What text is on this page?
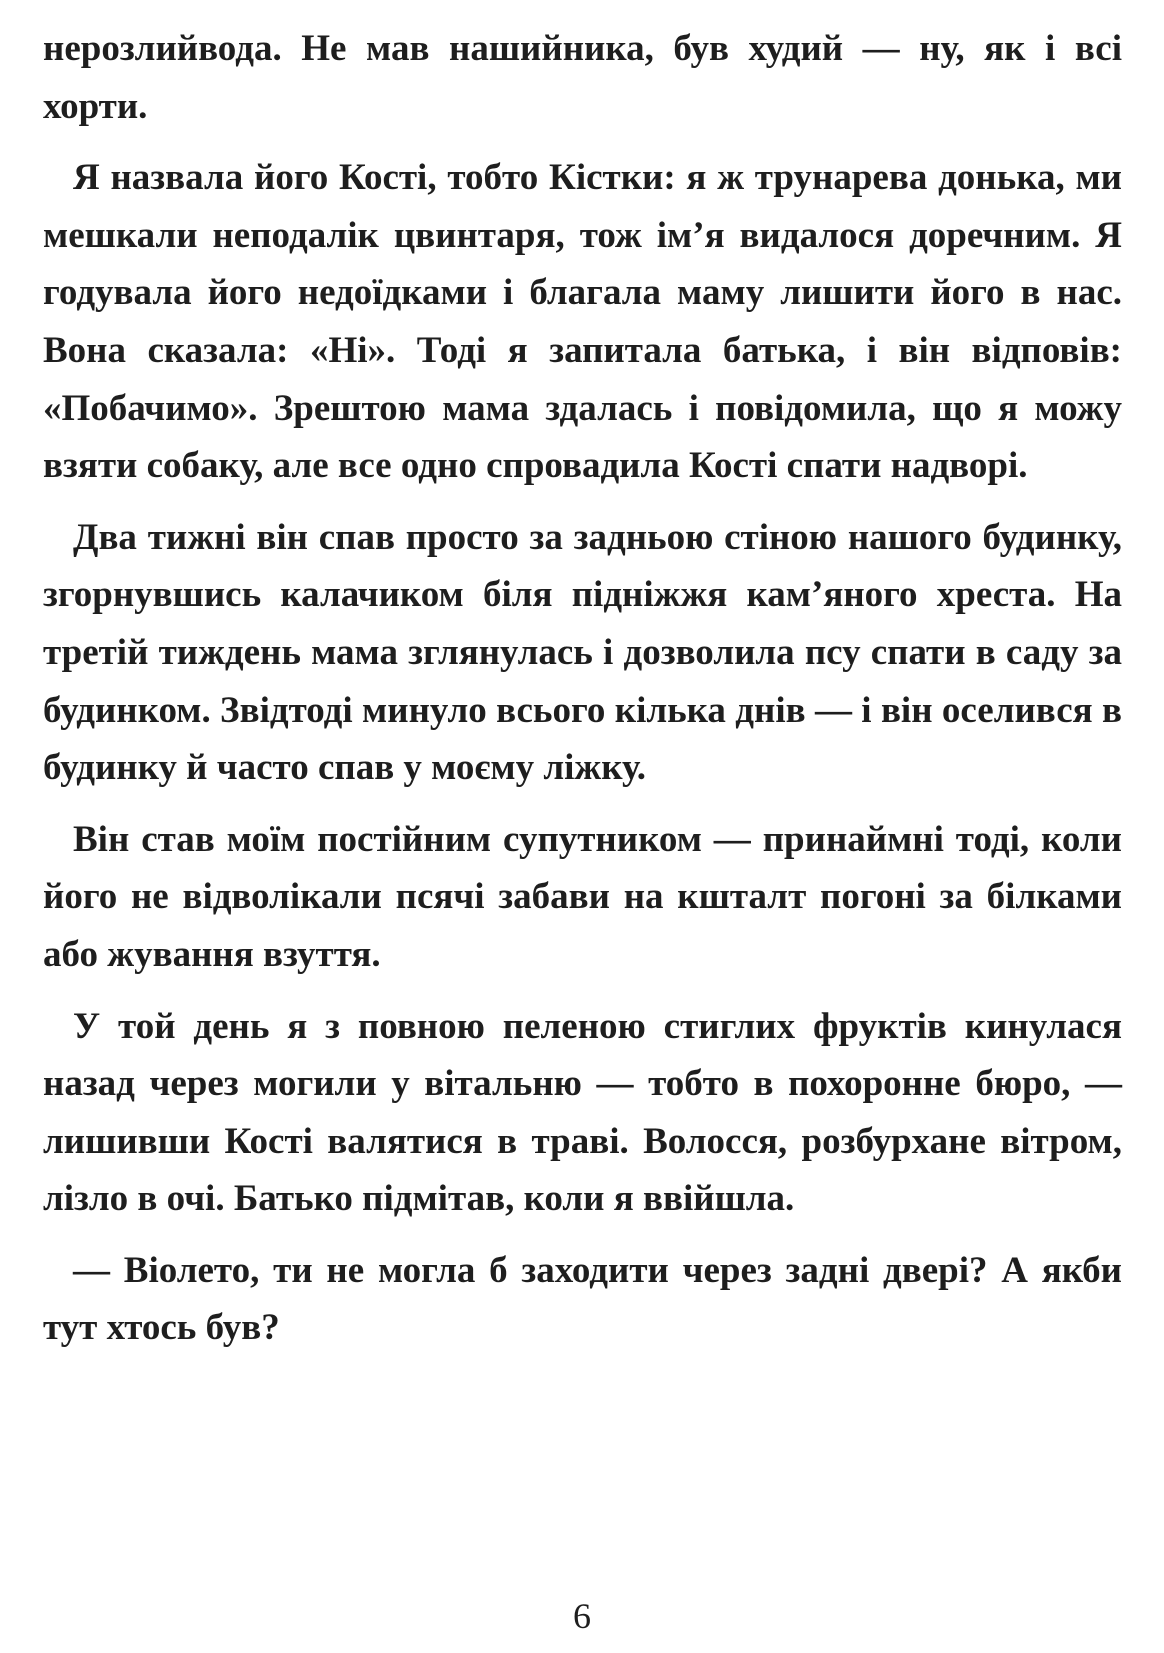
нерозлийвода. Не мав нашийника, був худий — ну, як і всі хорти.

Я назвала його Кості, тобто Кістки: я ж трунарева донька, ми мешкали неподалік цвинтаря, тож ім’я видалося доречним. Я годувала його недоїдками і благала маму лишити його в нас. Вона сказала: «Ні». Тоді я запитала батька, і він відповів: «Побачимо». Зрештою мама здалась і повідомила, що я можу взяти собаку, але все одно спровадила Кості спати надворі.

Два тижні він спав просто за задньою стіною нашого будинку, згорнувшись калачиком біля підніжжя кам’яного хреста. На третій тиждень мама зглянулась і дозволила псу спати в саду за будинком. Звідтоді минуло всього кілька днів — і він оселився в будинку й часто спав у моєму ліжку.

Він став моїм постійним супутником — принаймні тоді, коли його не відволікали псячі забави на кшталт погоні за білками або жування взуття.

У той день я з повною пеленою стиглих фруктів кинулася назад через могили у вітальню — тобто в похоронне бюро, — лишивши Кості валятися в траві. Волосся, розбурхане вітром, лізло в очі. Батько підмітав, коли я ввійшла.

— Віолето, ти не могла б заходити через задні двері? А якби тут хтось був?

6
